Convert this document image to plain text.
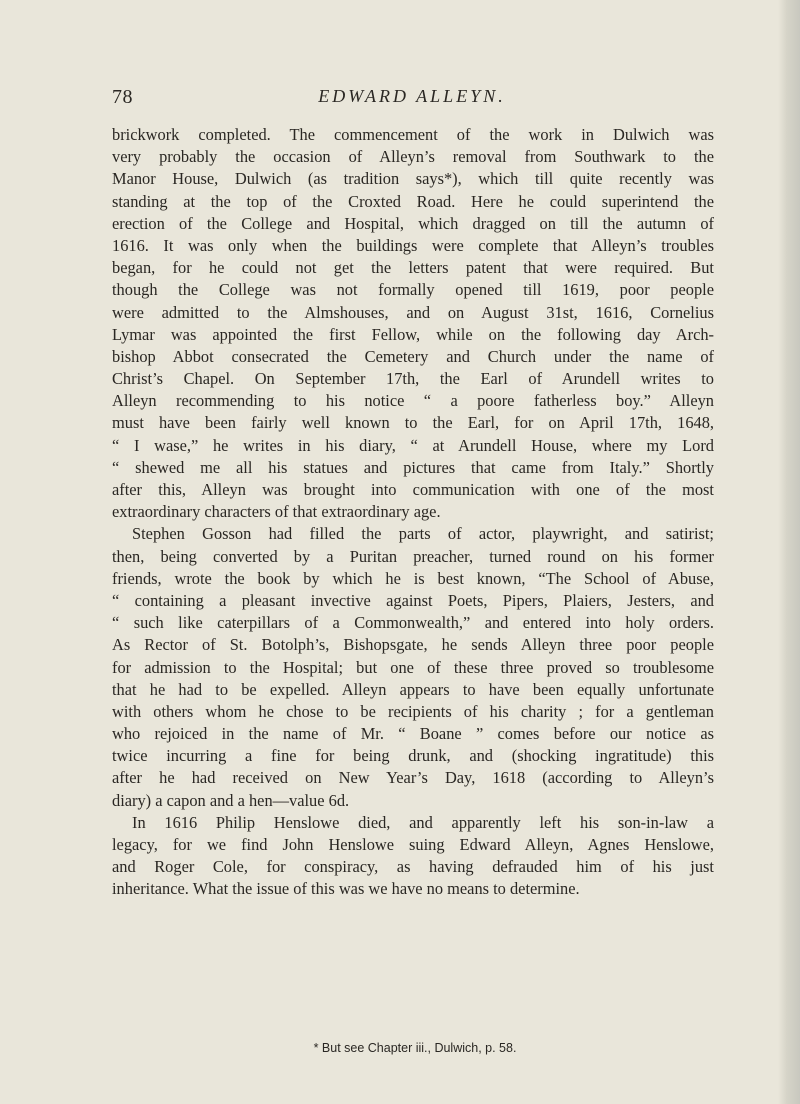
78	EDWARD ALLEYN.
brickwork completed. The commencement of the work in Dulwich was
very probably the occasion of Alleyn’s removal from Southwark to the
Manor House, Dulwich (as tradition says*), which till quite recently was
standing at the top of the Croxted Road. Here he could superintend the
erection of the College and Hospital, which dragged on till the autumn of
1616. It was only when the buildings were complete that Alleyn’s troubles
began, for he could not get the letters patent that were required. But
though the College was not formally opened till 1619, poor people
were admitted to the Almshouses, and on August 31st, 1616, Cornelius
Lymar was appointed the first Fellow, while on the following day Arch-
bishop Abbot consecrated the Cemetery and Church under the name of
Christ’s Chapel. On September 17th, the Earl of Arundell writes to
Alleyn recommending to his notice “ a poore fatherless boy.” Alleyn
must have been fairly well known to the Earl, for on April 17th, 1648,
“ I wase,” he writes in his diary, “ at Arundell House, where my Lord
“ shewed me all his statues and pictures that came from Italy.” Shortly
after this, Alleyn was brought into communication with one of the most
extraordinary characters of that extraordinary age.
Stephen Gosson had filled the parts of actor, playwright, and satirist;
then, being converted by a Puritan preacher, turned round on his former
friends, wrote the book by which he is best known, “The School of Abuse,
“ containing a pleasant invective against Poets, Pipers, Plaiers, Jesters, and
“ such like caterpillars of a Commonwealth,” and entered into holy orders.
As Rector of St. Botolph’s, Bishopsgate, he sends Alleyn three poor people
for admission to the Hospital; but one of these three proved so troublesome
that he had to be expelled. Alleyn appears to have been equally unfortunate
with others whom he chose to be recipients of his charity ; for a gentleman
who rejoiced in the name of Mr. “ Boane ” comes before our notice as
twice incurring a fine for being drunk, and (shocking ingratitude) this
after he had received on New Year’s Day, 1618 (according to Alleyn’s
diary) a capon and a hen—value 6d.
In 1616 Philip Henslowe died, and apparently left his son-in-law a
legacy, for we find John Henslowe suing Edward Alleyn, Agnes Henslowe,
and Roger Cole, for conspiracy, as having defrauded him of his just
inheritance. What the issue of this was we have no means to determine.
* But see Chapter iii., Dulwich, p. 58.
